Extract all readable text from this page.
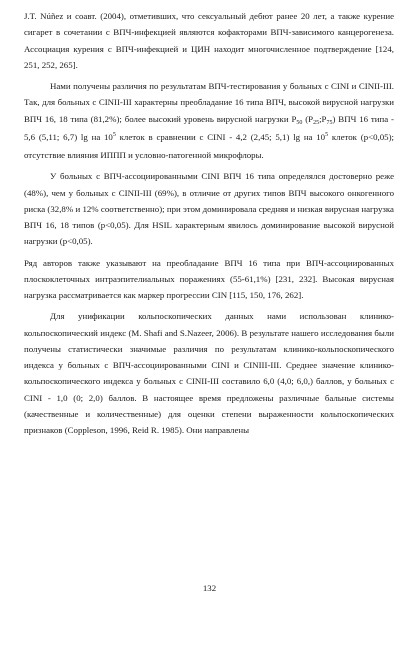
J.T. Núñez и соавт. (2004), отметивших, что сексуальный дебют ранее 20 лет, а также курение сигарет в сочетании с ВПЧ-инфекцией являются кофакторами ВПЧ-зависимого канцерогенеза. Ассоциация курения с ВПЧ-инфекцией и ЦИН находит многочисленное подтверждение [124, 251, 252, 265].

Нами получены различия по результатам ВПЧ-тестирования у больных с CINI и CINII-III. Так, для больных с CINII-III характерны преобладание 16 типа ВПЧ, высокой вирусной нагрузки ВПЧ 16, 18 типа (81,2%); более высокий уровень вирусной нагрузки $P_{50}$ $(P_{25};P_{75})$ ВПЧ 16 типа - 5,6 (5,11; 6,7) lg на $10^5$ клеток в сравнении с CINI - 4,2 (2,45; 5,1) lg на $10^5$ клеток (p<0,05); отсутствие влияния ИППП и условно-патогенной микрофлоры.

У больных с ВПЧ-ассоциированными CINI ВПЧ 16 типа определялся достоверно реже (48%), чем у больных с CINII-III (69%), в отличие от других типов ВПЧ высокого онкогенного риска (32,8% и 12% соответственно); при этом доминировала средняя и низкая вирусная нагрузка ВПЧ 16, 18 типов (р<0,05). Для HSIL характерным явилось доминирование высокой вирусной нагрузки (р<0,05).

Ряд авторов также указывают на преобладание ВПЧ 16 типа при ВПЧ-ассоциированных плоскоклеточных интраэпителиальных поражениях (55-61,1%) [231, 232]. Высокая вирусная нагрузка рассматривается как маркер прогрессии CIN [115, 150, 176, 262].

Для унификации кольпоскопических данных нами использован клинико-кольпоскопический индекс (M. Shafi and S.Nazeer, 2006). В результате нашего исследования были получены статистически значимые различия по результатам клинико-кольпоскопического индекса у больных с ВПЧ-ассоциированными CINI и CINIII-III. Среднее значение клинико-кольпоскопического индекса у больных с CINII-III составило 6,0 (4,0; 6,0,) баллов, у больных с CINI - 1,0 (0; 2,0) баллов. В настоящее время предложены различные бальные системы (качественные и количественные) для оценки степени выраженности кольпоскопических признаков (Coppleson, 1996, Reid R. 1985). Они направлены

132
